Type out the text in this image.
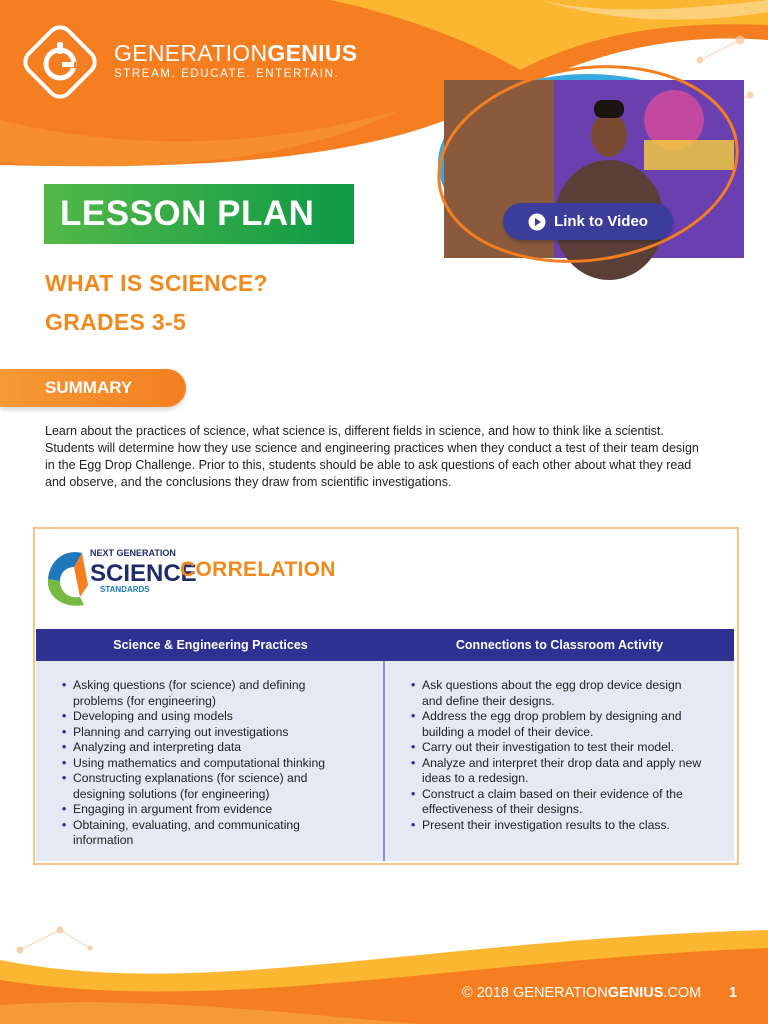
GENERATIONGENIUS
STREAM. EDUCATE. ENTERTAIN.
Link to Video
LESSON PLAN
WHAT IS SCIENCE?
GRADES 3-5
SUMMARY
Learn about the practices of science, what science is, different fields in science, and how to think like a scientist.
Students will determine how they use science and engineering practices when they conduct a test of their team design
in the Egg Drop Challenge. Prior to this, students should be able to ask questions of each other about what they read
and observe, and the conclusions they draw from scientific investigations.
NEXT GENERATION
SCIENCE
STANDARDS
CORRELATION
Science & Engineering Practices	Connections to Classroom Activity
• Asking questions (for science) and defining
problems (for engineering)
• Developing and using models
• Planning and carrying out investigations
• Analyzing and interpreting data
• Using mathematics and computational thinking
• Constructing explanations (for science) and
designing solutions (for engineering)
• Engaging in argument from evidence
• Obtaining, evaluating, and communicating
information
• Ask questions about the egg drop device design
and define their designs.
• Address the egg drop problem by designing and
building a model of their device.
• Carry out their investigation to test their model.
• Analyze and interpret their drop data and apply new
ideas to a redesign.
• Construct a claim based on their evidence of the
effectiveness of their designs.
• Present their investigation results to the class.
© 2018 GENERATIONGENIUS.COM 1
